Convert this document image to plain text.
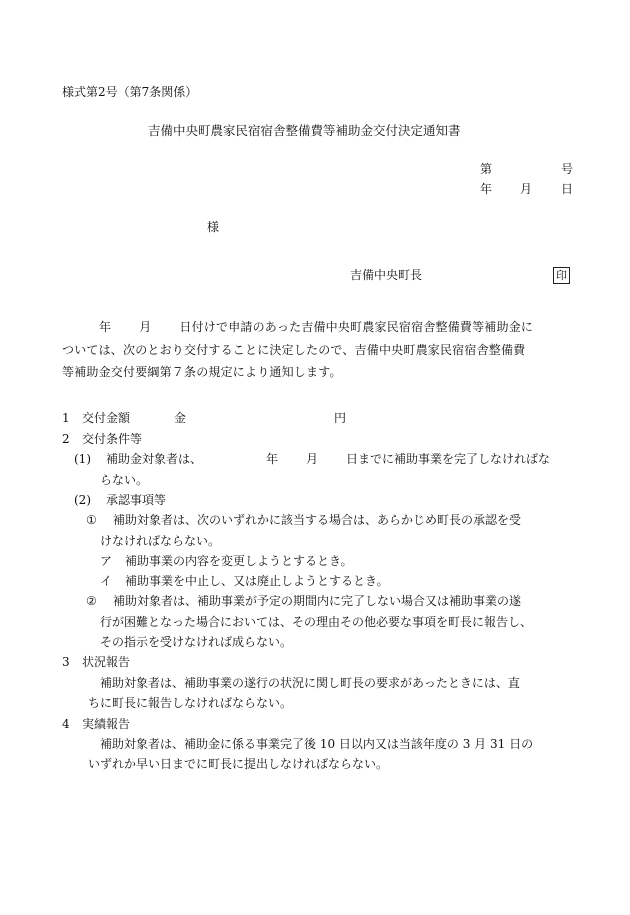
様式第2号（第7条関係）
吉備中央町農家民宿宿舎整備費等補助金交付決定通知書
第	号
年 月 日
様
吉備中央町長	印
年 月 日付けで申請のあった吉備中央町農家民宿宿舎整備費等補助金に
ついては、次のとおり交付することに決定したので、吉備中央町農家民宿宿舎整備費
等補助金交付要綱第７条の規定により通知します。
1 交付金額	金	円
2 交付条件等
(1) 補助金対象者は、	年 月 日までに補助事業を完了しなければな
らない。
(2) 承認事項等
① 補助対象者は、次のいずれかに該当する場合は、あらかじめ町長の承認を受
けなければならない。
ア 補助事業の内容を変更しようとするとき。
イ 補助事業を中止し、又は廃止しようとするとき。
② 補助対象者は、補助事業が予定の期間内に完了しない場合又は補助事業の遂
行が困難となった場合においては、その理由その他必要な事項を町長に報告し、
その指示を受けなければ成らない。
3 状況報告
補助対象者は、補助事業の遂行の状況に関し町長の要求があったときには、直
ちに町長に報告しなければならない。
4 実績報告
補助対象者は、補助金に係る事業完了後 10 日以内又は当該年度の 3 月 31 日の
いずれか早い日までに町長に提出しなければならない。
